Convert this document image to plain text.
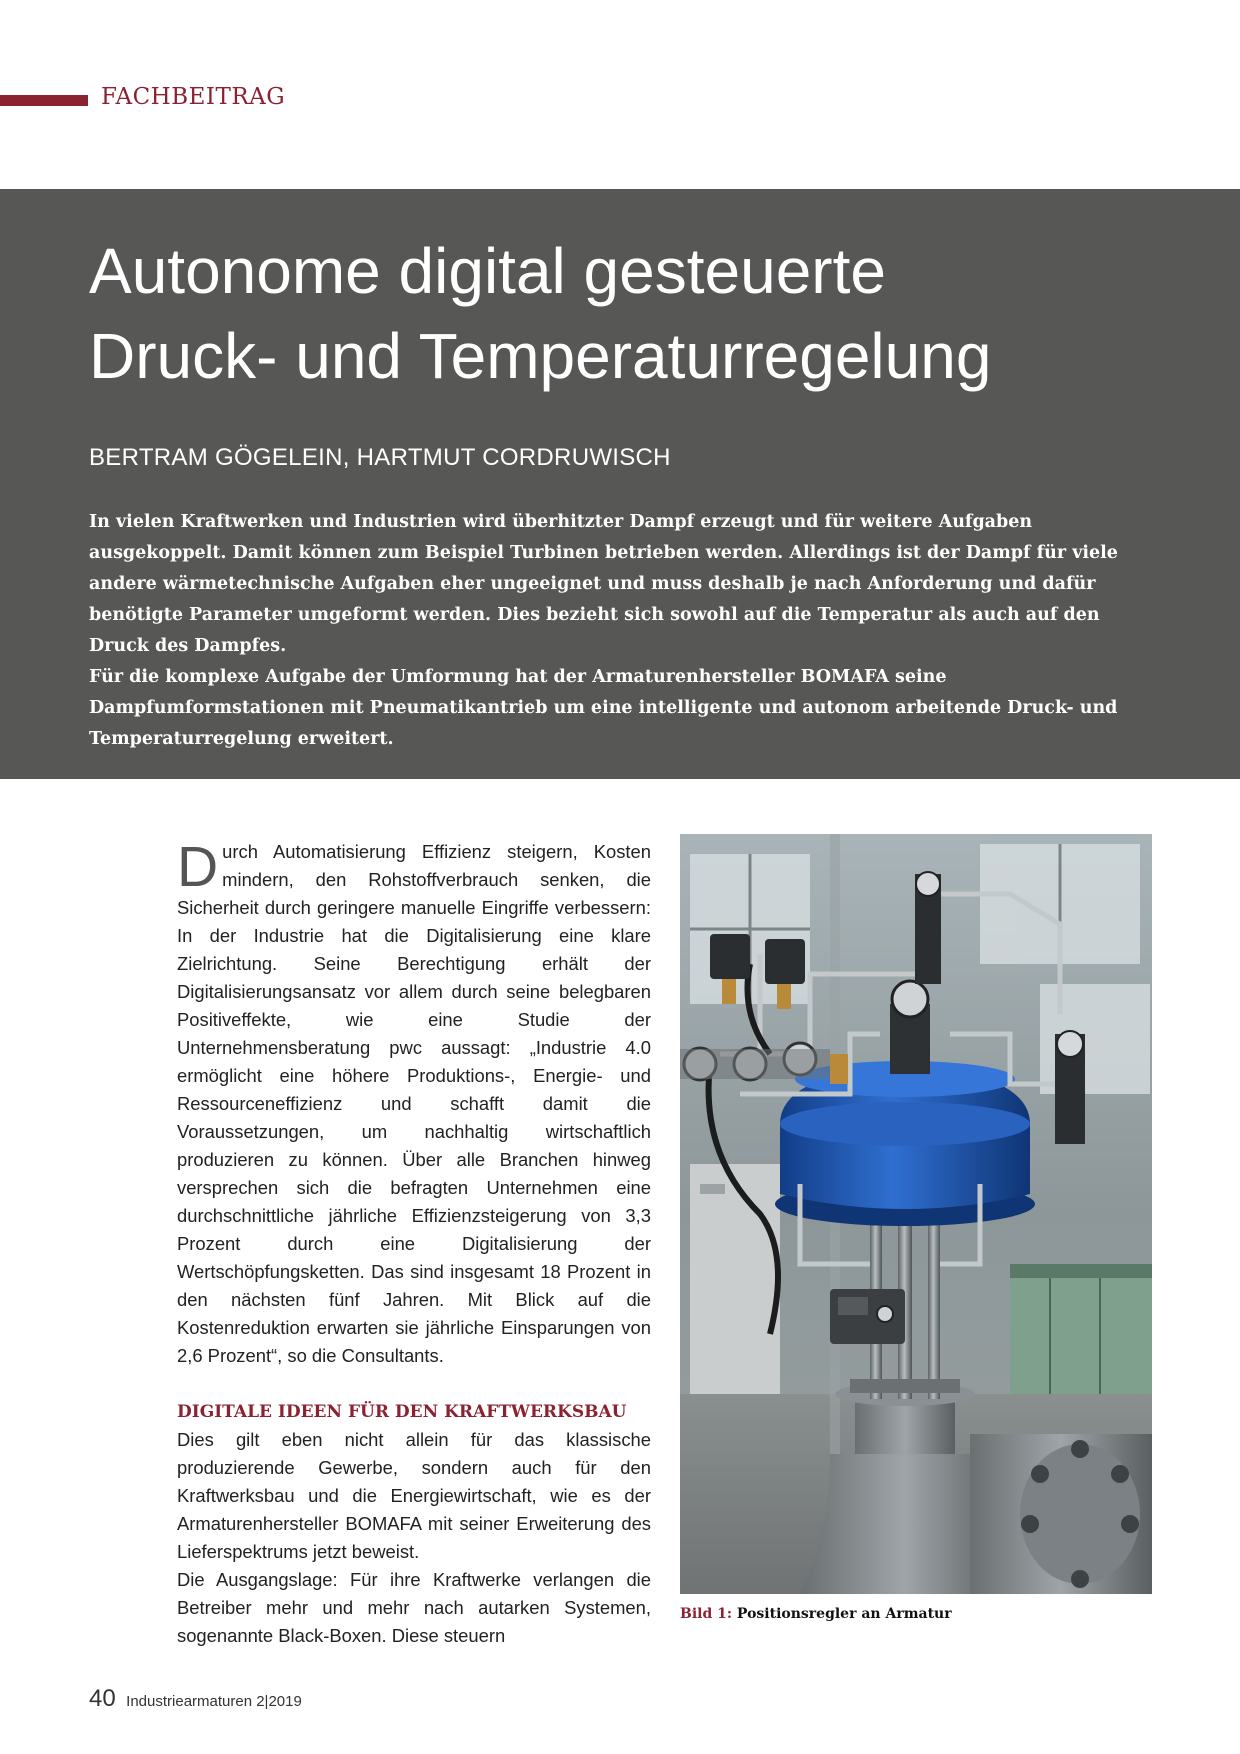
FACHBEITRAG
Autonome digital gesteuerte
Druck- und Temperaturregelung
BERTRAM GÖGELEIN, HARTMUT CORDRUWISCH

In vielen Kraftwerken und Industrien wird überhitzter Dampf erzeugt und für weitere Aufgaben ausgekoppelt. Damit können zum Beispiel Turbinen betrieben werden. Allerdings ist der Dampf für viele andere wärmetechnische Aufgaben eher ungeeignet und muss deshalb je nach Anforderung und dafür benötigte Parameter umgeformt werden. Dies bezieht sich sowohl auf die Temperatur als auch auf den Druck des Dampfes.

Für die komplexe Aufgabe der Umformung hat der Armaturenhersteller BOMAFA seine Dampfumformstationen mit Pneumatikantrieb um eine intelligente und autonom arbeitende Druck- und Temperaturregelung erweitert.

Durch Automatisierung Effizienz steigern, Kosten mindern, den Rohstoffverbrauch senken, die Sicherheit durch geringere manuelle Eingriffe verbessern: In der Industrie hat die Digitalisierung eine klare Zielrichtung. Seine Berechtigung erhält der Digitalisierungsansatz vor allem durch seine belegbaren Positiveffekte, wie eine Studie der Unternehmensberatung pwc aussagt: „Industrie 4.0 ermöglicht eine höhere Produktions-, Energie- und Ressourceneffizienz und schafft damit die Voraussetzungen, um nachhaltig wirtschaftlich produzieren zu können. Über alle Branchen hinweg versprechen sich die befragten Unternehmen eine durchschnittliche jährliche Effizienzsteigerung von 3,3 Prozent durch eine Digitalisierung der Wertschöpfungsketten. Das sind insgesamt 18 Prozent in den nächsten fünf Jahren. Mit Blick auf die Kostenreduktion erwarten sie jährliche Einsparungen von 2,6 Prozent“, so die Consultants.

DIGITALE IDEEN FÜR DEN KRAFTWERKSBAU

Dies gilt eben nicht allein für das klassische produzierende Gewerbe, sondern auch für den Kraftwerksbau und die Energiewirtschaft, wie es der Armaturenhersteller BOMAFA mit seiner Erweiterung des Lieferspektrums jetzt beweist.

Die Ausgangslage: Für ihre Kraftwerke verlangen die Betreiber mehr und mehr nach autarken Systemen, sogenannte Black-Boxen. Diese steuern

Bild 1: Positionsregler an Armatur
40 Industriearmaturen 2|2019
